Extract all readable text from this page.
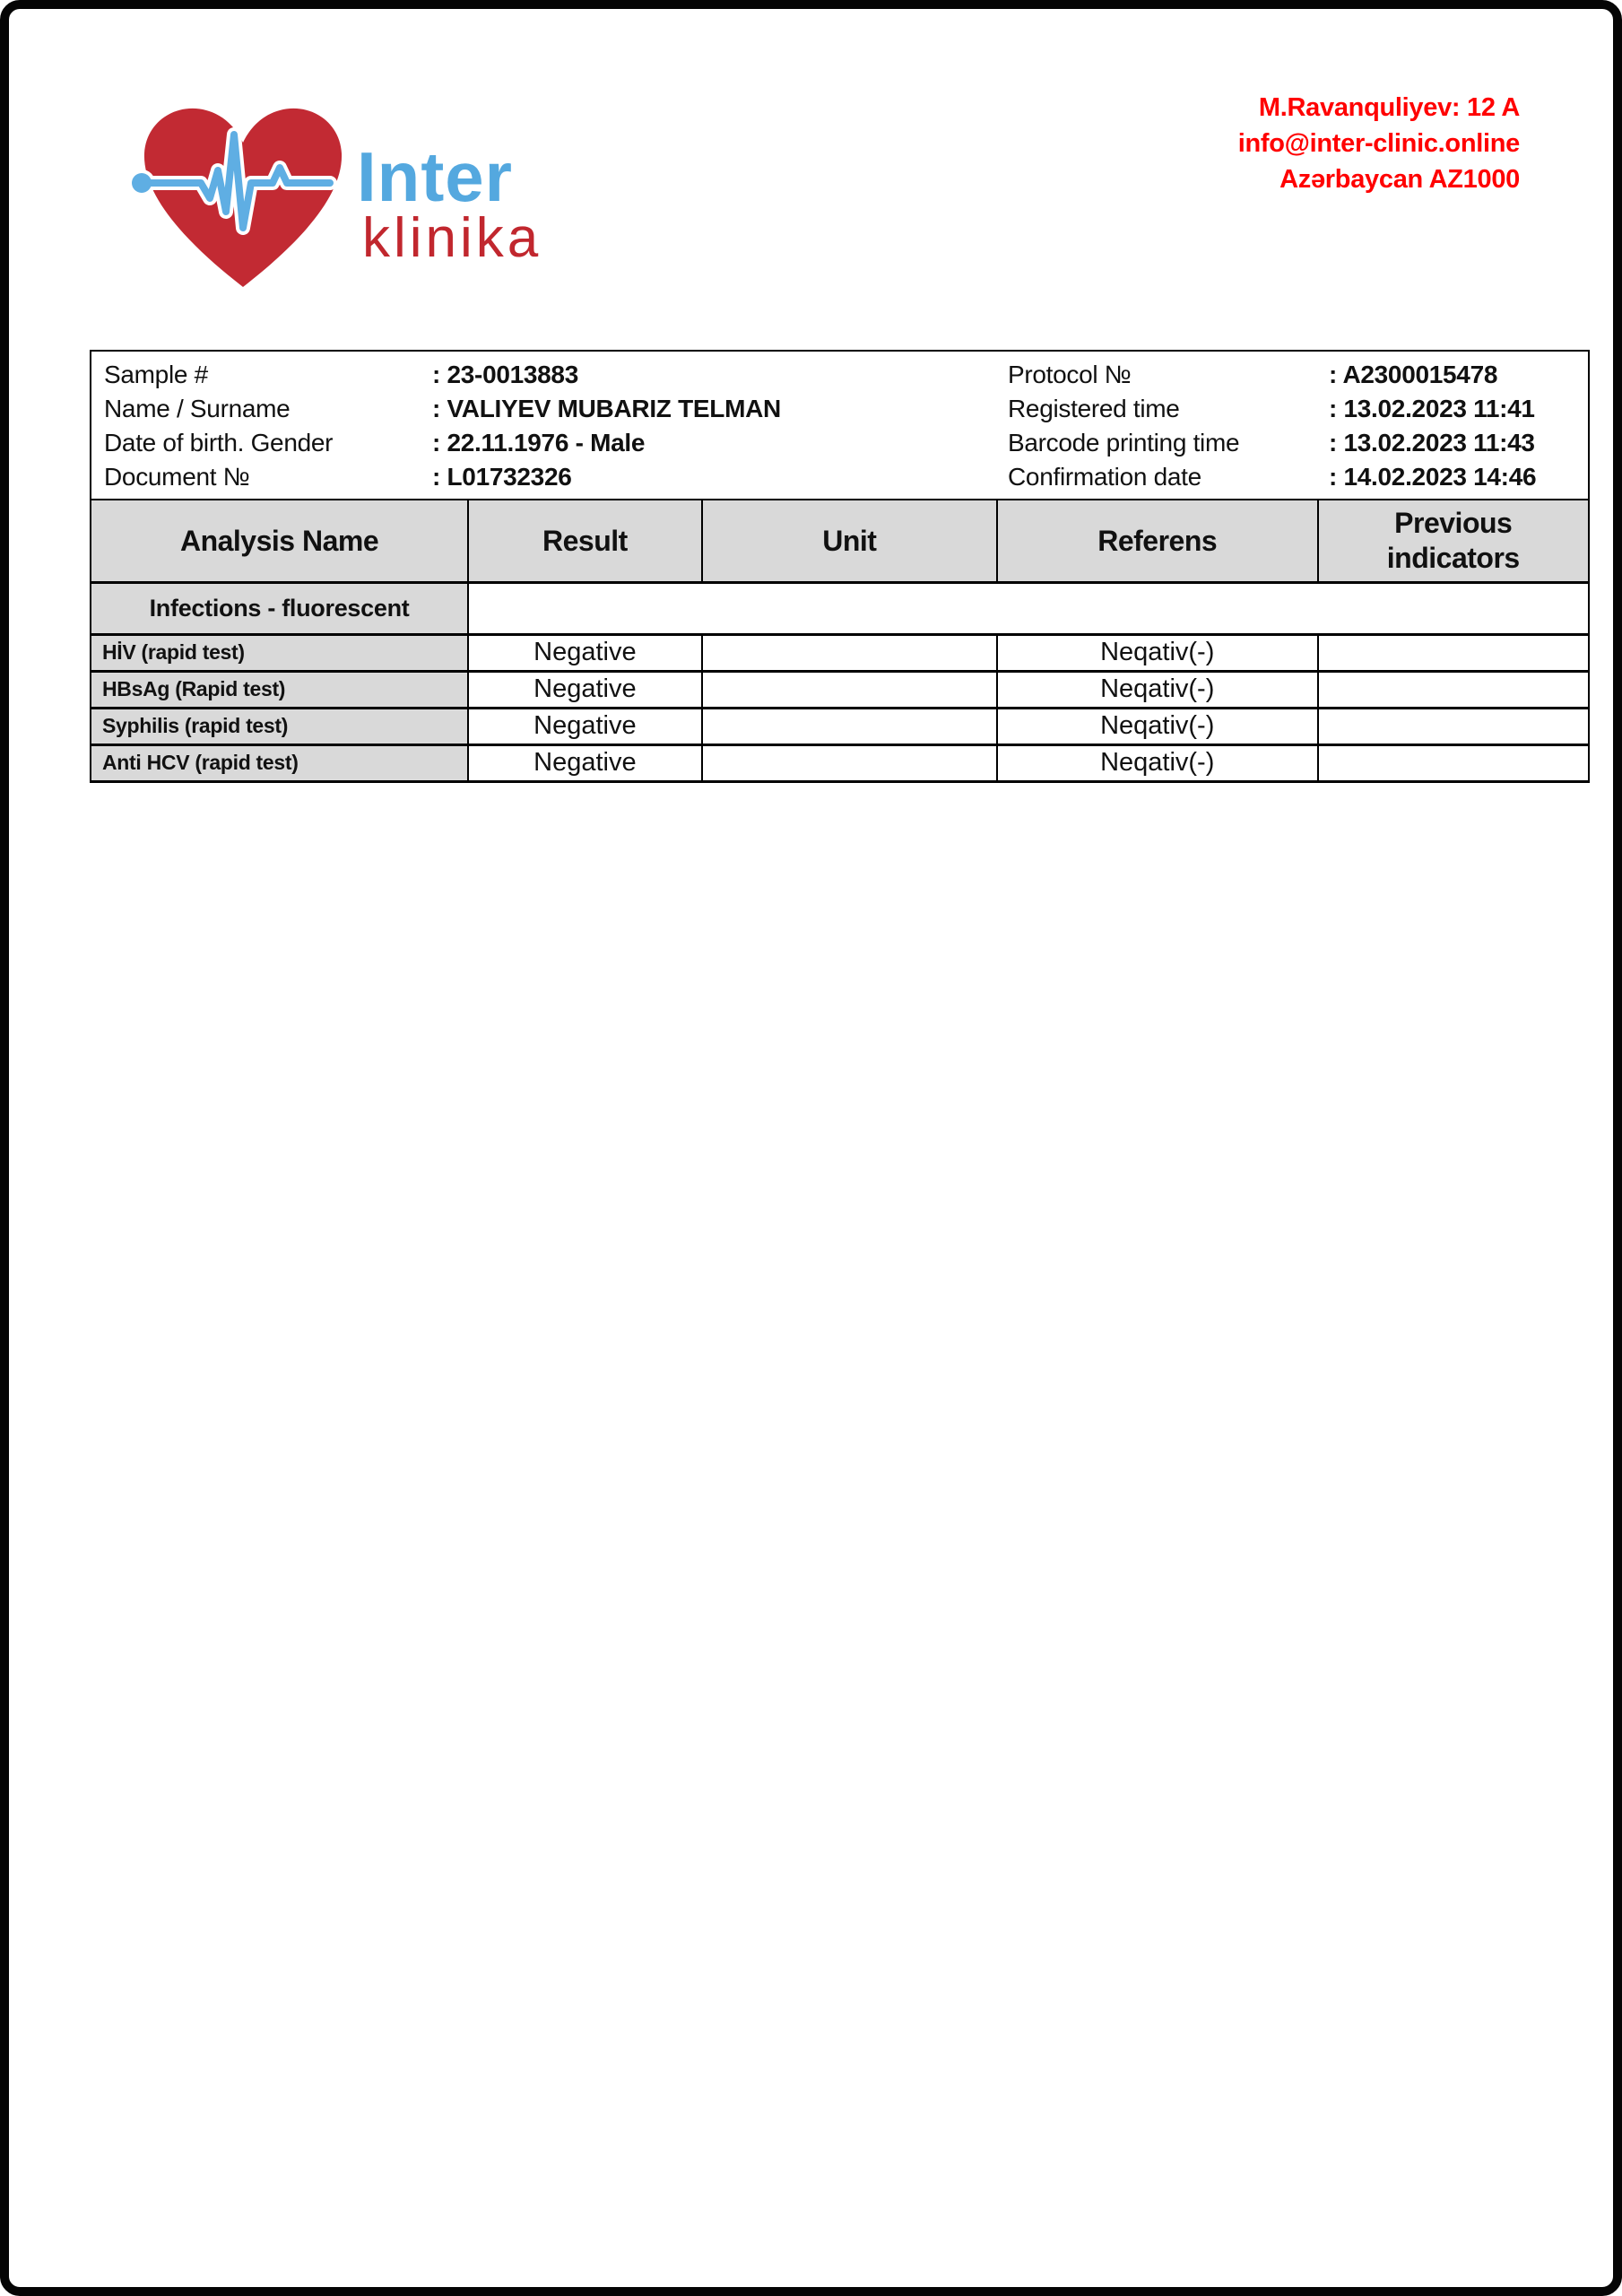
Inter
klinika
M.Ravanquliyev: 12 A
info@inter-clinic.online
Azərbaycan AZ1000
Sample #	: 23-0013883	Protocol №	: A2300015478
Name / Surname	: VALIYEV MUBARIZ TELMAN	Registered time	: 13.02.2023 11:41
Date of birth. Gender	: 22.11.1976 - Male	Barcode printing time	: 13.02.2023 11:43
Document №	: L01732326	Confirmation date	: 14.02.2023 14:46
Analysis Name	Result	Unit	Referens	Previous indicators
Infections - fluorescent				
HİV (rapid test)	Negative		Neqativ(-)	
HBsAg (Rapid test)	Negative		Neqativ(-)	
Syphilis (rapid test)	Negative		Neqativ(-)	
Anti HCV (rapid test)	Negative		Neqativ(-)	
